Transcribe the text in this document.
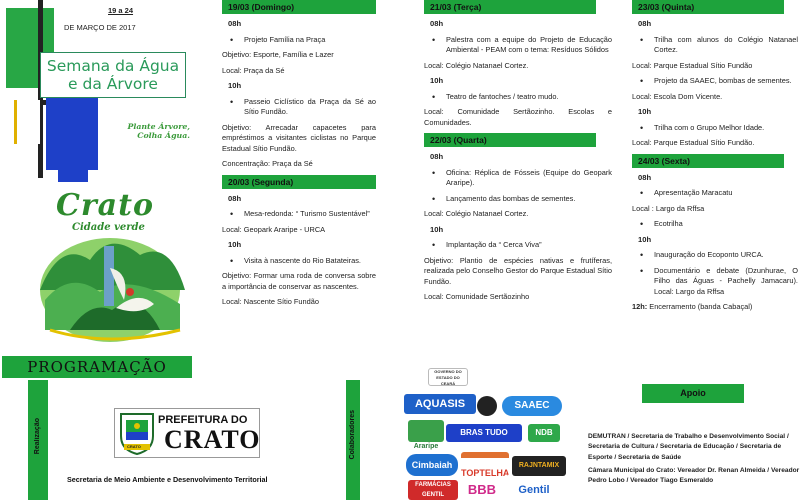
19 a 24
DE MARÇO DE 2017
Semana da Água
e da Árvore
Plante Árvore,
Colha Água.
Crato
Cidade verde
PROGRAMAÇÃO
Realização	Colaboradores
CRATO
PREFEITURA DO
CRATO
Secretaria de Meio Ambiente e Desenvolvimento Territorial
19/03 (Domingo)
08h
• Projeto Família na Praça
Objetivo: Esporte, Família e Lazer
Local: Praça da Sé
10h
• Passeio Ciclístico da Praça da Sé ao Sítio Fundão.
Objetivo: Arrecadar capacetes para empréstimos a visitantes ciclistas no Parque Estadual Sítio Fundão.
Concentração: Praça da Sé
20/03 (Segunda)
08h
• Mesa-redonda: “ Turismo Sustentável”
Local: Geopark Araripe - URCA
10h
• Visita à nascente do Rio Batateiras.
Objetivo: Formar uma roda de conversa sobre a importância de conservar as nascentes.
Local: Nascente Sítio Fundão
21/03 (Terça)
08h
• Palestra com a equipe do Projeto de Educação Ambiental - PEAM com o tema: Resíduos Sólidos
Local: Colégio Natanael Cortez.
10h
• Teatro de fantoches / teatro mudo.
Local: Comunidade Sertãozinho. Escolas e Comunidades.
22/03 (Quarta)
08h
• Oficina: Réplica de Fósseis (Equipe do Geopark Araripe).
• Lançamento das bombas de sementes.
Local: Colégio Natanael Cortez.
10h
• Implantação da “ Cerca Viva”
Objetivo: Plantio de espécies nativas e frutíferas, realizada pelo Conselho Gestor do Parque Estadual Sítio Fundão.
Local: Comunidade Sertãozinho
23/03 (Quinta)
08h
• Trilha com alunos do Colégio Natanael Cortez.
Local: Parque Estadual Sítio Fundão
• Projeto da SAAEC, bombas de sementes.
Local: Escola Dom Vicente.
10h
• Trilha com o Grupo Melhor Idade.
Local: Parque Estadual Sítio Fundão.
24/03 (Sexta)
08h
• Apresentação Maracatu
Local : Largo da Rffsa
• Ecotrilha
10h
• Inauguração do Ecoponto URCA.
• Documentário e debate (Dzunhurae, O Filho das Águas - Pachelly Jamacaru). Local: Largo da Rffsa
12h: Encerramento (banda Cabaçal)
GOVERNO DO ESTADO DO CEARÁ
AQUASIS	SAAEC
BRAS TUDO	NDB
Araripe
Cimbaiah
TOPTELHA
RAJNTAMIX
FARMÁCIAS GENTIL	BBB	Gentil
Apoio
DEMUTRAN / Secretaria de Trabalho e Desenvolvimento Social / Secretaria de Cultura / Secretaria de Educação / Secretaria de Esporte / Secretaria de Saúde
Câmara Municipal do Crato: Vereador Dr. Renan Almeida / Vereador Pedro Lobo / Vereador Tiago Esmeraldo
